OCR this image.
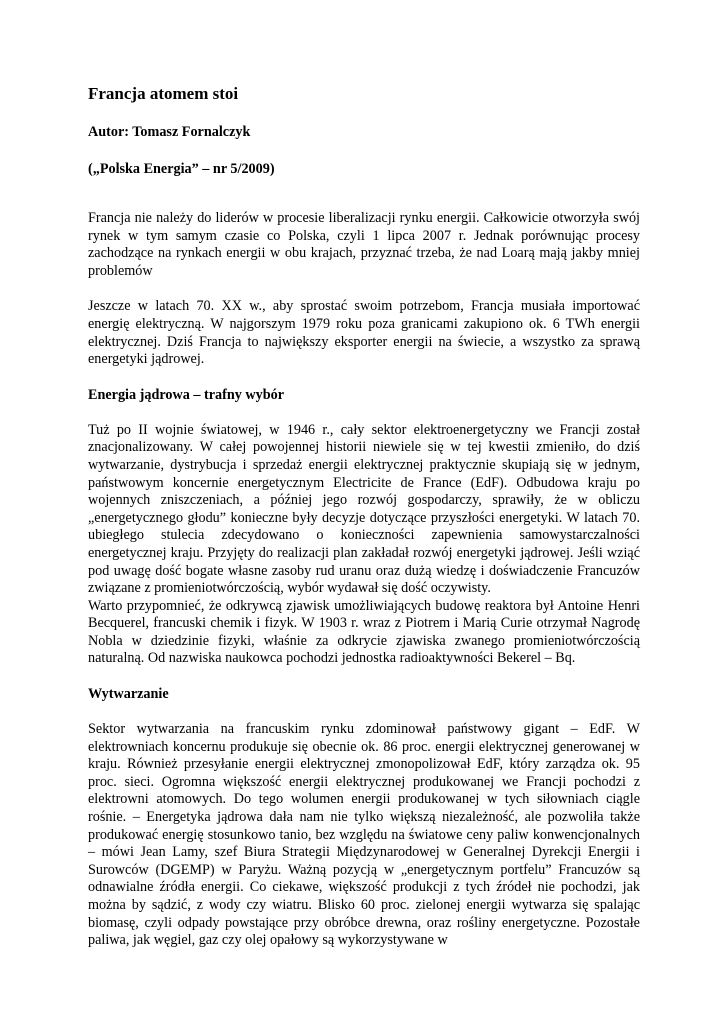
Francja atomem stoi
Autor: Tomasz Fornalczyk
(„Polska Energia” – nr 5/2009)

Francja nie należy do liderów w procesie liberalizacji rynku energii. Całkowicie otworzyła swój rynek w tym samym czasie co Polska, czyli 1 lipca 2007 r. Jednak porównując procesy zachodzące na rynkach energii w obu krajach, przyznać trzeba, że nad Loarą mają jakby mniej problemów

Jeszcze w latach 70. XX w., aby sprostać swoim potrzebom, Francja musiała importować energię elektryczną. W najgorszym 1979 roku poza granicami zakupiono ok. 6 TWh energii elektrycznej. Dziś Francja to największy eksporter energii na świecie, a wszystko za sprawą energetyki jądrowej.

Energia jądrowa – trafny wybór

Tuż po II wojnie światowej, w 1946 r., cały sektor elektroenergetyczny we Francji został znacjonalizowany. W całej powojennej historii niewiele się w tej kwestii zmieniło, do dziś wytwarzanie, dystrybucja i sprzedaż energii elektrycznej praktycznie skupiają się w jednym, państwowym koncernie energetycznym Electricite de France (EdF). Odbudowa kraju po wojennych zniszczeniach, a później jego rozwój gospodarczy, sprawiły, że w obliczu „energetycznego głodu” konieczne były decyzje dotyczące przyszłości energetyki. W latach 70. ubiegłego stulecia zdecydowano o konieczności zapewnienia samowystarczalności energetycznej kraju. Przyjęty do realizacji plan zakładał rozwój energetyki jądrowej. Jeśli wziąć pod uwagę dość bogate własne zasoby rud uranu oraz dużą wiedzę i doświadczenie Francuzów związane z promieniotwórczością, wybór wydawał się dość oczywisty.

Warto przypomnieć, że odkrywcą zjawisk umożliwiających budowę reaktora był Antoine Henri Becquerel, francuski chemik i fizyk. W 1903 r. wraz z Piotrem i Marią Curie otrzymał Nagrodę Nobla w dziedzinie fizyki, właśnie za odkrycie zjawiska zwanego promieniotwórczością naturalną. Od nazwiska naukowca pochodzi jednostka radioaktywności Bekerel – Bq.

Wytwarzanie

Sektor wytwarzania na francuskim rynku zdominował państwowy gigant – EdF. W elektrowniach koncernu produkuje się obecnie ok. 86 proc. energii elektrycznej generowanej w kraju. Również przesyłanie energii elektrycznej zmonopolizował EdF, który zarządza ok. 95 proc. sieci. Ogromna większość energii elektrycznej produkowanej we Francji pochodzi z elektrowni atomowych. Do tego wolumen energii produkowanej w tych siłowniach ciągle rośnie. – Energetyka jądrowa dała nam nie tylko większą niezależność, ale pozwoliła także produkować energię stosunkowo tanio, bez względu na światowe ceny paliw konwencjonalnych – mówi Jean Lamy, szef Biura Strategii Międzynarodowej w Generalnej Dyrekcji Energii i Surowców (DGEMP) w Paryżu. Ważną pozycją w „energetycznym portfelu” Francuzów są odnawialne źródła energii. Co ciekawe, większość produkcji z tych źródeł nie pochodzi, jak można by sądzić, z wody czy wiatru. Blisko 60 proc. zielonej energii wytwarza się spalając biomasę, czyli odpady powstające przy obróbce drewna, oraz rośliny energetyczne. Pozostałe paliwa, jak węgiel, gaz czy olej opałowy są wykorzystywane w
